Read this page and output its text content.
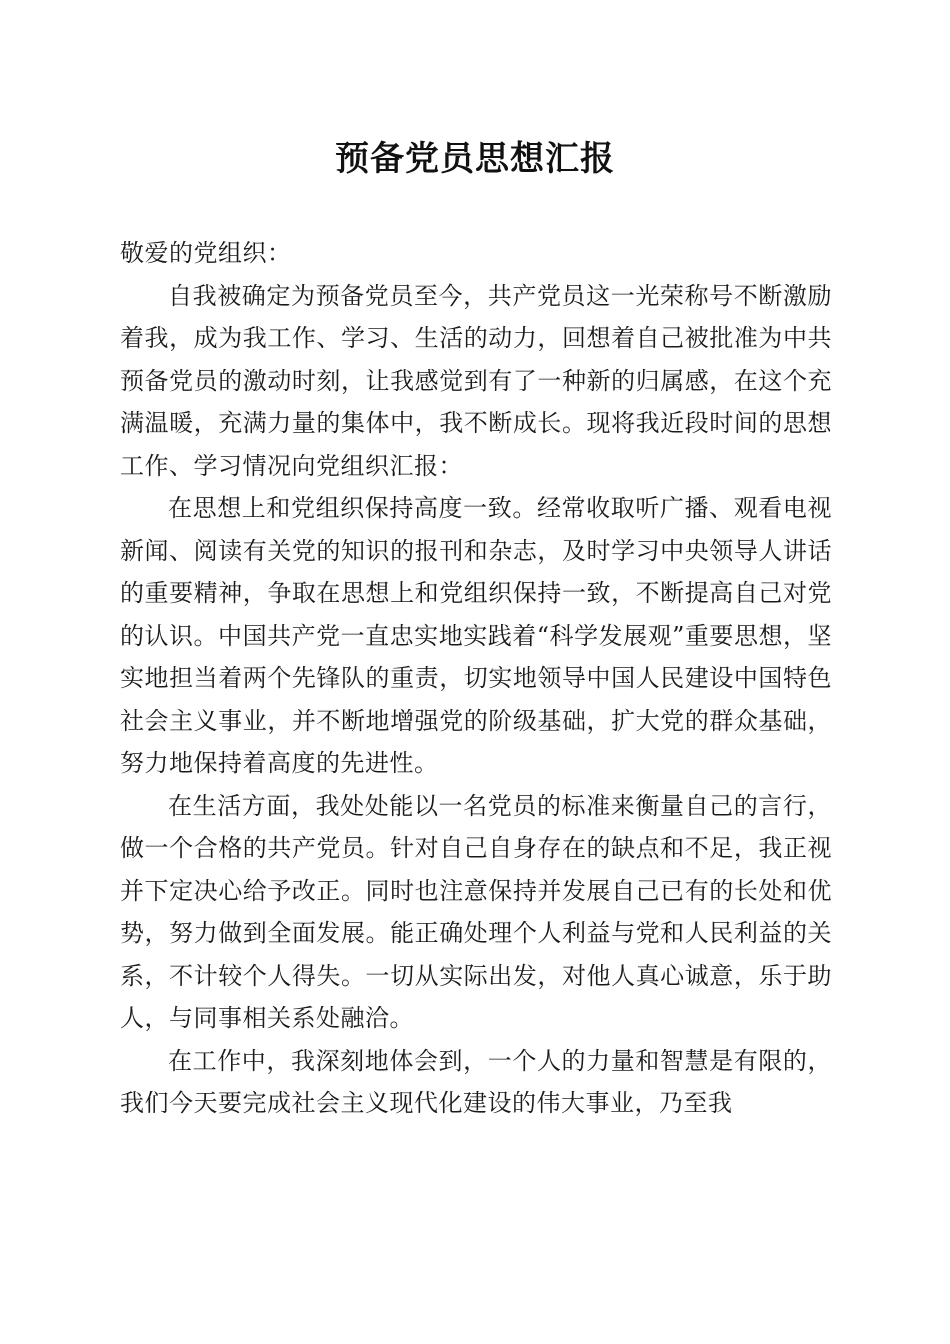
预备党员思想汇报

敬爱的党组织：

自我被确定为预备党员至今，共产党员这一光荣称号不断激励着我，成为我工作、学习、生活的动力，回想着自己被批准为中共预备党员的激动时刻，让我感觉到有了一种新的归属感，在这个充满温暖，充满力量的集体中，我不断成长。现将我近段时间的思想工作、学习情况向党组织汇报：

在思想上和党组织保持高度一致。经常收取听广播、观看电视新闻、阅读有关党的知识的报刊和杂志，及时学习中央领导人讲话的重要精神，争取在思想上和党组织保持一致，不断提高自己对党的认识。中国共产党一直忠实地实践着“科学发展观”重要思想，坚实地担当着两个先锋队的重责，切实地领导中国人民建设中国特色社会主义事业，并不断地增强党的阶级基础，扩大党的群众基础，努力地保持着高度的先进性。

在生活方面，我处处能以一名党员的标准来衡量自己的言行，做一个合格的共产党员。针对自己自身存在的缺点和不足，我正视并下定决心给予改正。同时也注意保持并发展自己已有的长处和优势，努力做到全面发展。能正确处理个人利益与党和人民利益的关系，不计较个人得失。一切从实际出发，对他人真心诚意，乐于助人，与同事相关系处融洽。

在工作中，我深刻地体会到，一个人的力量和智慧是有限的，我们今天要完成社会主义现代化建设的伟大事业，乃至我
